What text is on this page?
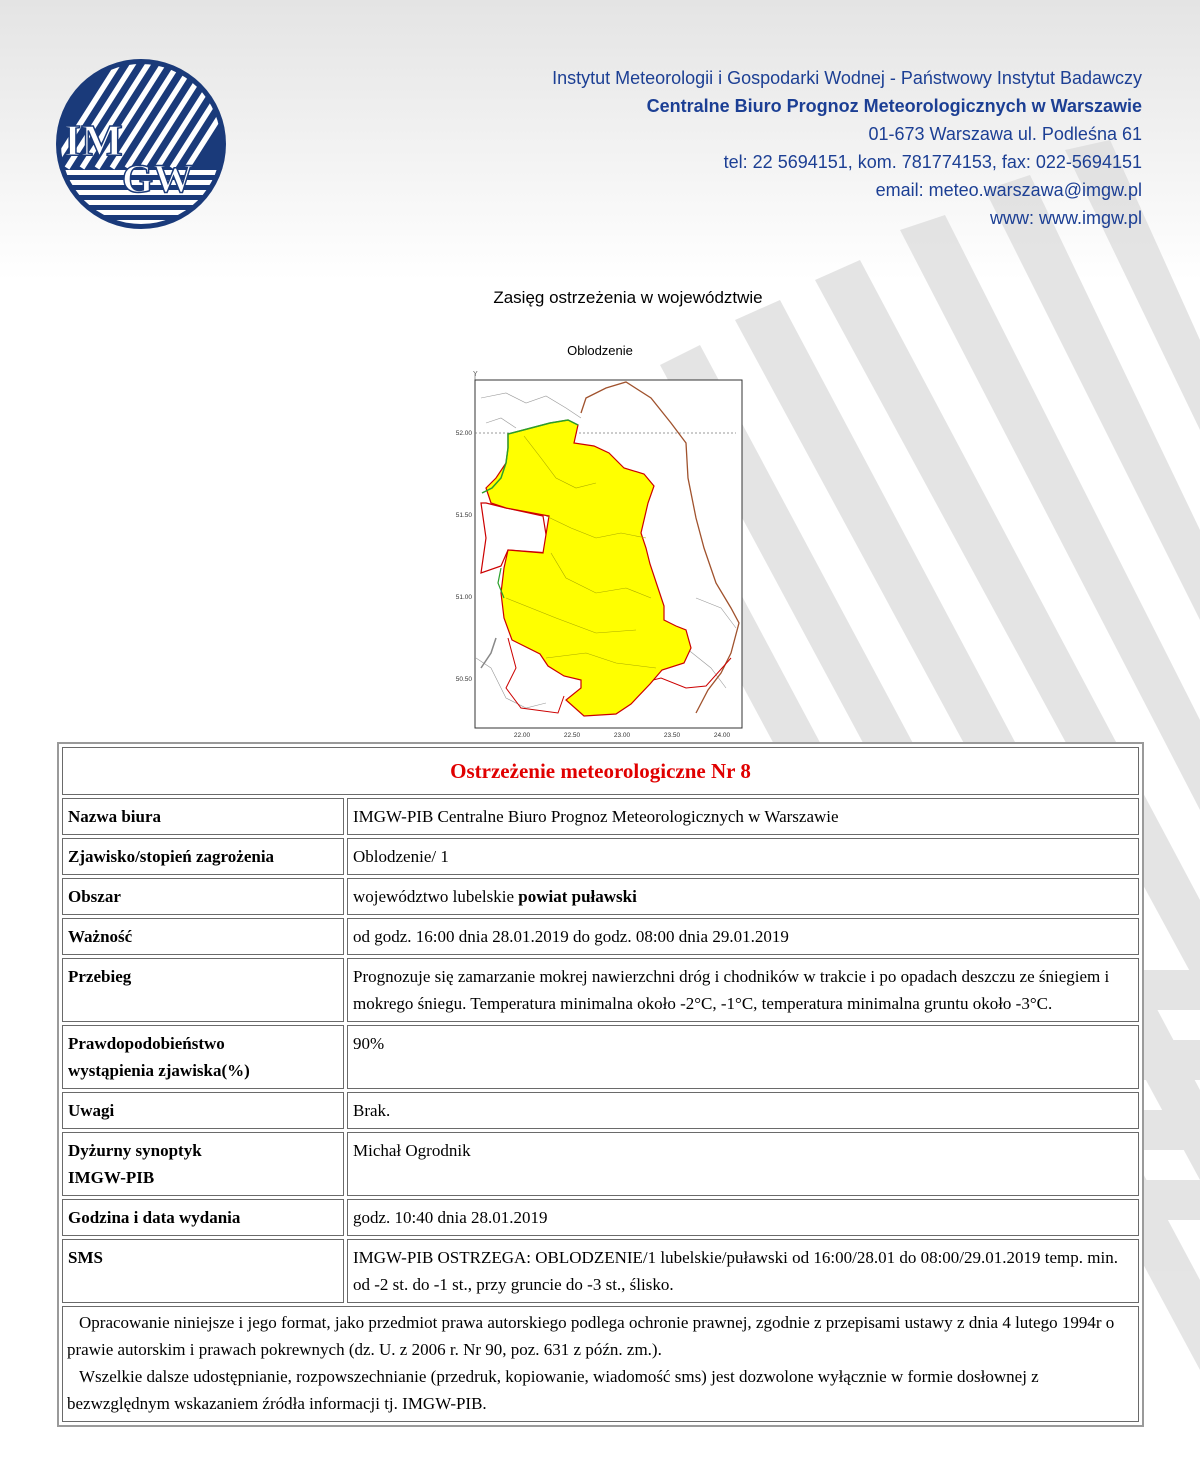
IM
GW
Instytut Meteorologii i Gospodarki Wodnej - Państwowy Instytut Badawczy
Centralne Biuro Prognoz Meteorologicznych w Warszawie
01-673 Warszawa ul. Podleśna 61
tel: 22 5694151, kom. 781774153, fax: 022-5694151
email: meteo.warszawa@imgw.pl
www: www.imgw.pl
Zasięg ostrzeżenia w województwie
Oblodzenie
Y
52.00
51.50
51.00
50.50
22.00	22.50	23.00	23.50	24.00
Ostrzeżenie meteorologiczne Nr 8	
Nazwa biura	IMGW-PIB Centralne Biuro Prognoz Meteorologicznych w Warszawie
Zjawisko/stopień zagrożenia	Oblodzenie/ 1
Obszar	województwo lubelskie powiat puławski
Ważność	od godz. 16:00 dnia 28.01.2019 do godz. 08:00 dnia 29.01.2019
Przebieg	Prognozuje się zamarzanie mokrej nawierzchni dróg i chodników w trakcie i po opadach deszczu ze śniegiem i mokrego śniegu. Temperatura minimalna około -2°C, -1°C, temperatura minimalna gruntu około -3°C.

Prawdopodobieństwo
wystąpienia zjawiska(%)	90%
Uwagi	Brak.

Dyżurny synoptyk
IMGW-PIB	Michał Ogrodnik
Godzina i data wydania	godz. 10:40 dnia 28.01.2019
SMS	IMGW-PIB OSTRZEGA: OBLODZENIE/1 lubelskie/puławski od 16:00/28.01 do 08:00/29.01.2019 temp. min. od -2 st. do -1 st., przy gruncie do -3 st., ślisko.

Opracowanie niniejsze i jego format, jako przedmiot prawa autorskiego podlega ochronie prawnej, zgodnie z przepisami ustawy z dnia 4 lutego 1994r o prawie autorskim i prawach pokrewnych (dz. U. z 2006 r. Nr 90, poz. 631 z późn. zm.).

Wszelkie dalsze udostępnianie, rozpowszechnianie (przedruk, kopiowanie, wiadomość sms) jest dozwolone wyłącznie w formie dosłownej z bezwzględnym wskazaniem źródła informacji tj. IMGW-PIB.	
